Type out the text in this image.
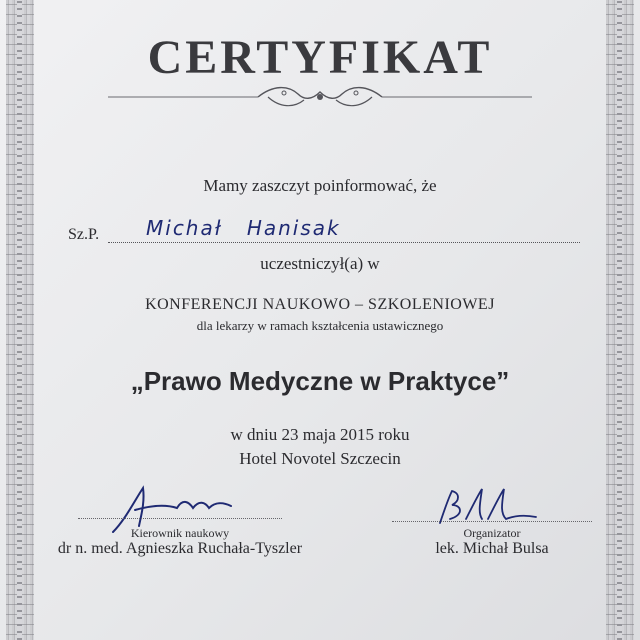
CERTYFIKAT
Mamy zaszczyt poinformować, że
Sz.P. Michał Hanisak
uczestniczył(a) w
KONFERENCJI NAUKOWO – SZKOLENIOWEJ
dla lekarzy w ramach kształcenia ustawicznego
„Prawo Medyczne w Praktyce”
w dniu 23 maja 2015 roku
Hotel Novotel Szczecin
Kierownik naukowy
dr n. med. Agnieszka Ruchała-Tyszler
Organizator
lek. Michał Bulsa
